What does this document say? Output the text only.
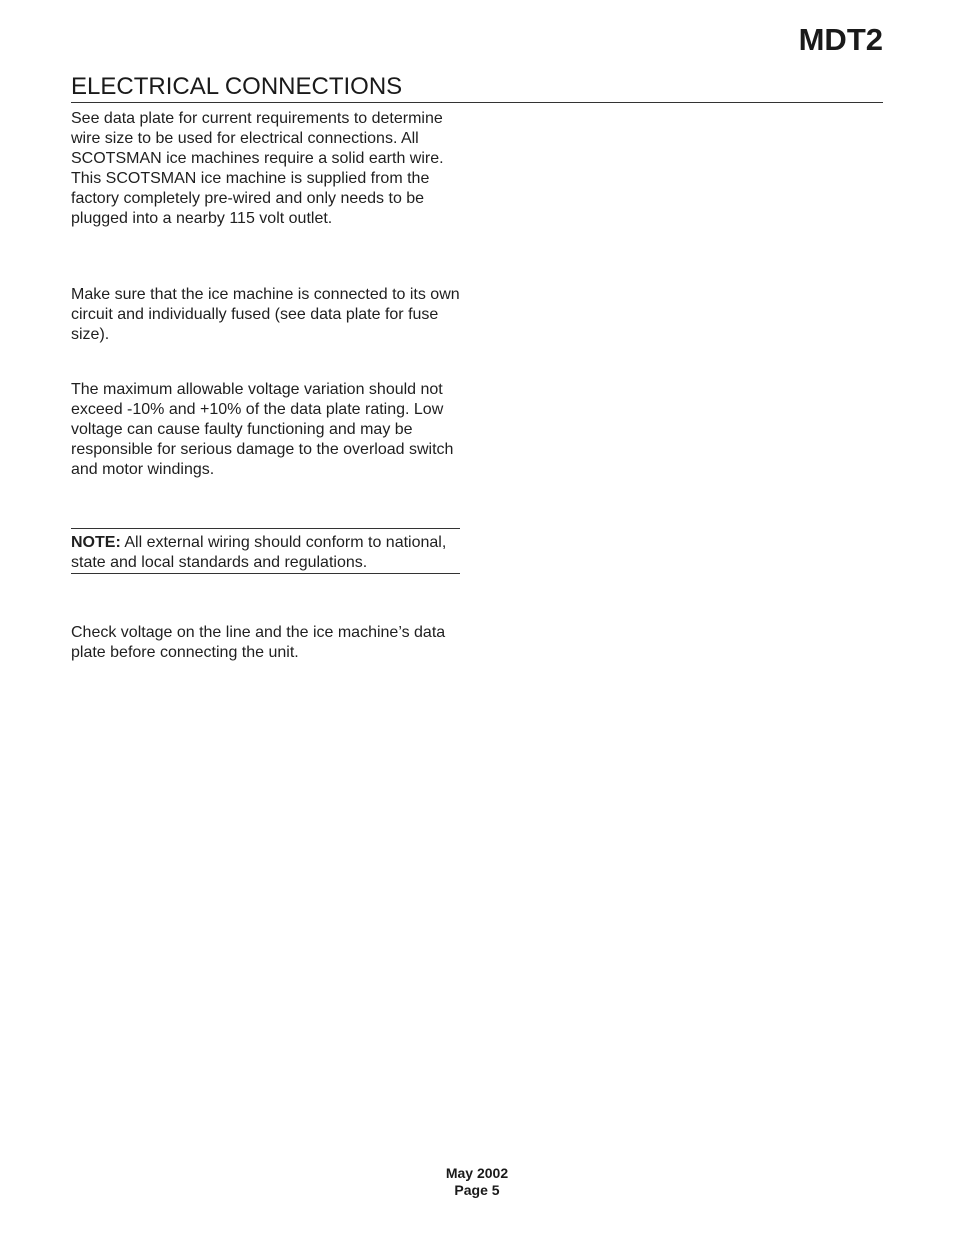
MDT2
ELECTRICAL CONNECTIONS

See data plate for current requirements to determine wire size to be used for electrical connections. All SCOTSMAN ice machines require a solid earth wire. This SCOTSMAN ice machine is supplied from the factory completely pre-wired and only needs to be plugged into a nearby 115 volt outlet.

Make sure that the ice machine is connected to its own circuit and individually fused (see data plate for fuse size).

The maximum allowable voltage variation should not exceed -10% and +10% of the data plate rating. Low voltage can cause faulty functioning and may be responsible for serious damage to the overload switch and motor windings.

NOTE: All external wiring should conform to national, state and local standards and regulations.

Check voltage on the line and the ice machine’s data plate before connecting the unit.

May 2002
Page 5
